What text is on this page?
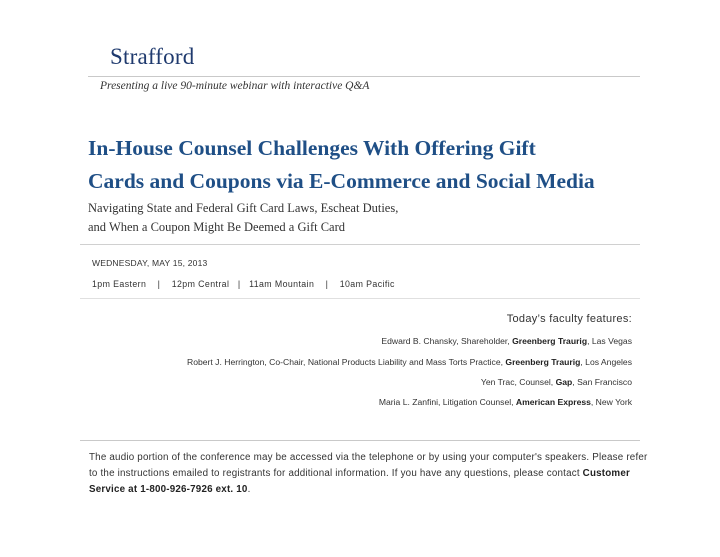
Strafford
Presenting a live 90-minute webinar with interactive Q&A
In-House Counsel Challenges With Offering Gift
Cards and Coupons via E-Commerce and Social Media
Navigating State and Federal Gift Card Laws, Escheat Duties,
and When a Coupon Might Be Deemed a Gift Card
WEDNESDAY, MAY 15, 2013
1pm Eastern    |    12pm Central   |   11am Mountain    |    10am Pacific
Today’s faculty features:
Edward B. Chansky, Shareholder, Greenberg Traurig, Las Vegas
Robert J. Herrington, Co-Chair, National Products Liability and Mass Torts Practice, Greenberg Traurig, Los Angeles
Yen Trac, Counsel, Gap, San Francisco
Maria L. Zanfini, Litigation Counsel, American Express, New York
The audio portion of the conference may be accessed via the telephone or by using your computer's speakers. Please refer to the instructions emailed to registrants for additional information. If you have any questions, please contact Customer Service at 1-800-926-7926 ext. 10.
